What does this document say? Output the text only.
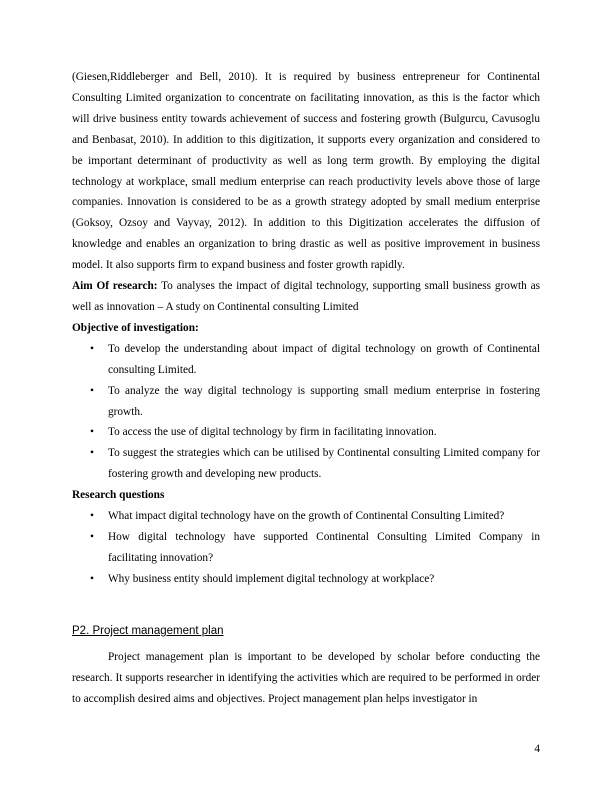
(Giesen,Riddleberger and Bell, 2010). It is required by business entrepreneur for Continental Consulting Limited organization to concentrate on facilitating innovation, as this is the factor which will drive business entity towards achievement of success and fostering growth (Bulgurcu, Cavusoglu and Benbasat, 2010). In addition to this digitization, it supports every organization and considered to be important determinant of productivity as well as long term growth. By employing the digital technology at workplace, small medium enterprise can reach productivity levels above those of large companies. Innovation is considered to be as a growth strategy adopted by small medium enterprise (Goksoy, Ozsoy and Vayvay, 2012). In addition to this Digitization accelerates the diffusion of knowledge and enables an organization to bring drastic as well as positive improvement in business model. It also supports firm to expand business and foster growth rapidly.

Aim Of research: To analyses the impact of digital technology, supporting small business growth as well as innovation – A study on Continental consulting Limited

Objective of investigation:

•	To develop the understanding about impact of digital technology on growth of Continental consulting Limited.
•	To analyze the way digital technology is supporting small medium enterprise in fostering growth.
•	To access the use of digital technology by firm in facilitating innovation.
•	To suggest the strategies which can be utilised by Continental consulting Limited company for fostering growth and developing new products.

Research questions

•	What impact digital technology have on the growth of Continental Consulting Limited?
•	How digital technology have supported Continental Consulting Limited Company in facilitating innovation?
•	Why business entity should implement digital technology at workplace?

P2. Project management plan

Project management plan is important to be developed by scholar before conducting the research. It supports researcher in identifying the activities which are required to be performed in order to accomplish desired aims and objectives. Project management plan helps investigator in

4
